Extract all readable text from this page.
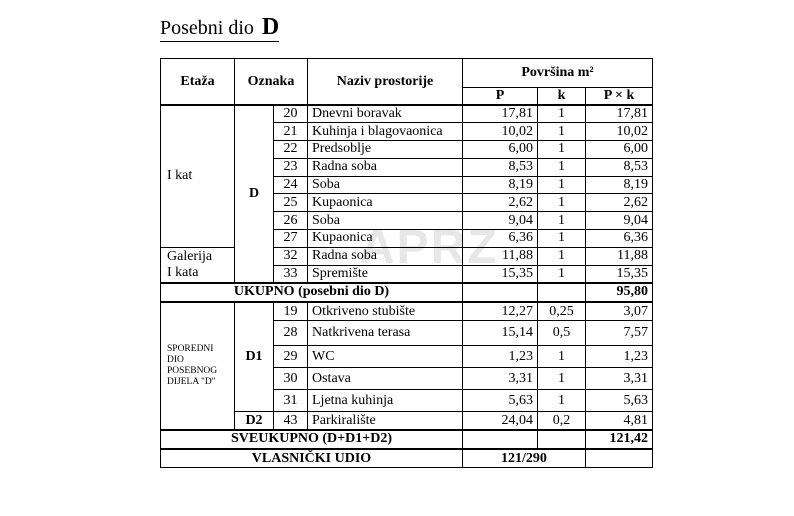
Posebni dio D
APRZ
Etaža	Oznaka		Naziv prostorije	Površina m²		
				P	k	P × k
I kat	D	20	Dnevni boravak	17,81	1	17,81
		21	Kuhinja i blagovaonica	10,02	1	10,02
		22	Predsoblje	6,00	1	6,00
		23	Radna soba	8,53	1	8,53
		24	Soba	8,19	1	8,19
		25	Kupaonica	2,62	1	2,62
		26	Soba	9,04	1	9,04
		27	Kupaonica	6,36	1	6,36
Galerija
I kata		32	Radna soba	11,88	1	11,88
		33	Spremište	15,35	1	15,35
UKUPNO (posebni dio D)						95,80
SPOREDNI
DIO
POSEBNOG
DIJELA "D"	D1	19	Otkriveno stubište	12,27	0,25	3,07
		28	Natkrivena terasa	15,14	0,5	7,57
		29	WC	1,23	1	1,23
		30	Ostava	3,31	1	3,31
		31	Ljetna kuhinja	5,63	1	5,63
	D2	43	Parkiralište	24,04	0,2	4,81
SVEUKUPNO (D+D1+D2)						121,42
VLASNIČKI UDIO				121/290		
